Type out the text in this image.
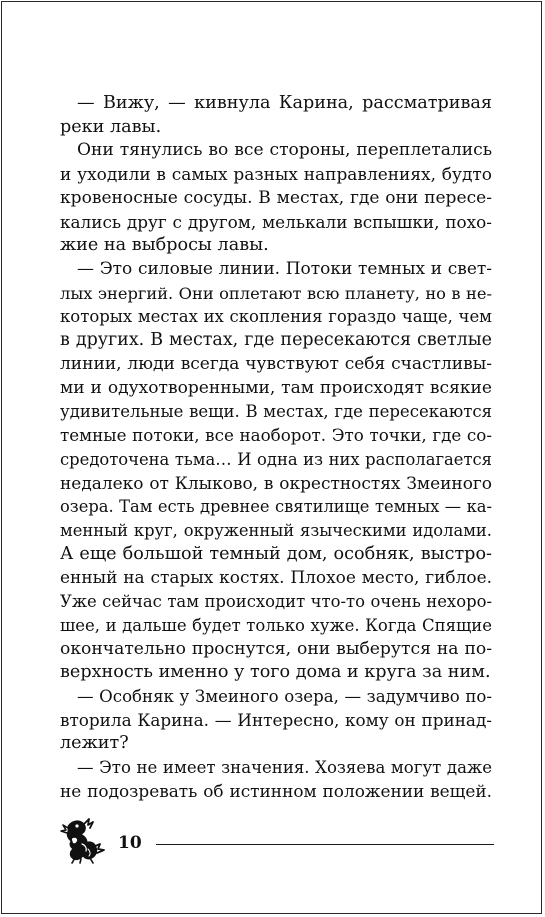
— Вижу, — кивнула Карина, рассматривая
реки лавы.
Они тянулись во все стороны, переплетались
и уходили в самых разных направлениях, будто
кровеносные сосуды. В местах, где они пересе-
кались друг с другом, мелькали вспышки, похо-
жие на выбросы лавы.
— Это силовые линии. Потоки темных и свет-
лых энергий. Они оплетают всю планету, но в не-
которых местах их скопления гораздо чаще, чем
в других. В местах, где пересекаются светлые
линии, люди всегда чувствуют себя счастливы-
ми и одухотворенными, там происходят всякие
удивительные вещи. В местах, где пересекаются
темные потоки, все наоборот. Это точки, где со-
средоточена тьма… И одна из них располагается
недалеко от Клыково, в окрестностях Змеиного
озера. Там есть древнее святилище темных — ка-
менный круг, окруженный языческими идолами.
А еще большой темный дом, особняк, выстро-
енный на старых костях. Плохое место, гиблое.
Уже сейчас там происходит что-то очень нехоро-
шее, и дальше будет только хуже. Когда Спящие
окончательно проснутся, они выберутся на по-
верхность именно у того дома и круга за ним.
— Особняк у Змеиного озера, — задумчиво по-
вторила Карина. — Интересно, кому он принад-
лежит?
— Это не имеет значения. Хозяева могут даже
не подозревать об истинном положении вещей.
10
